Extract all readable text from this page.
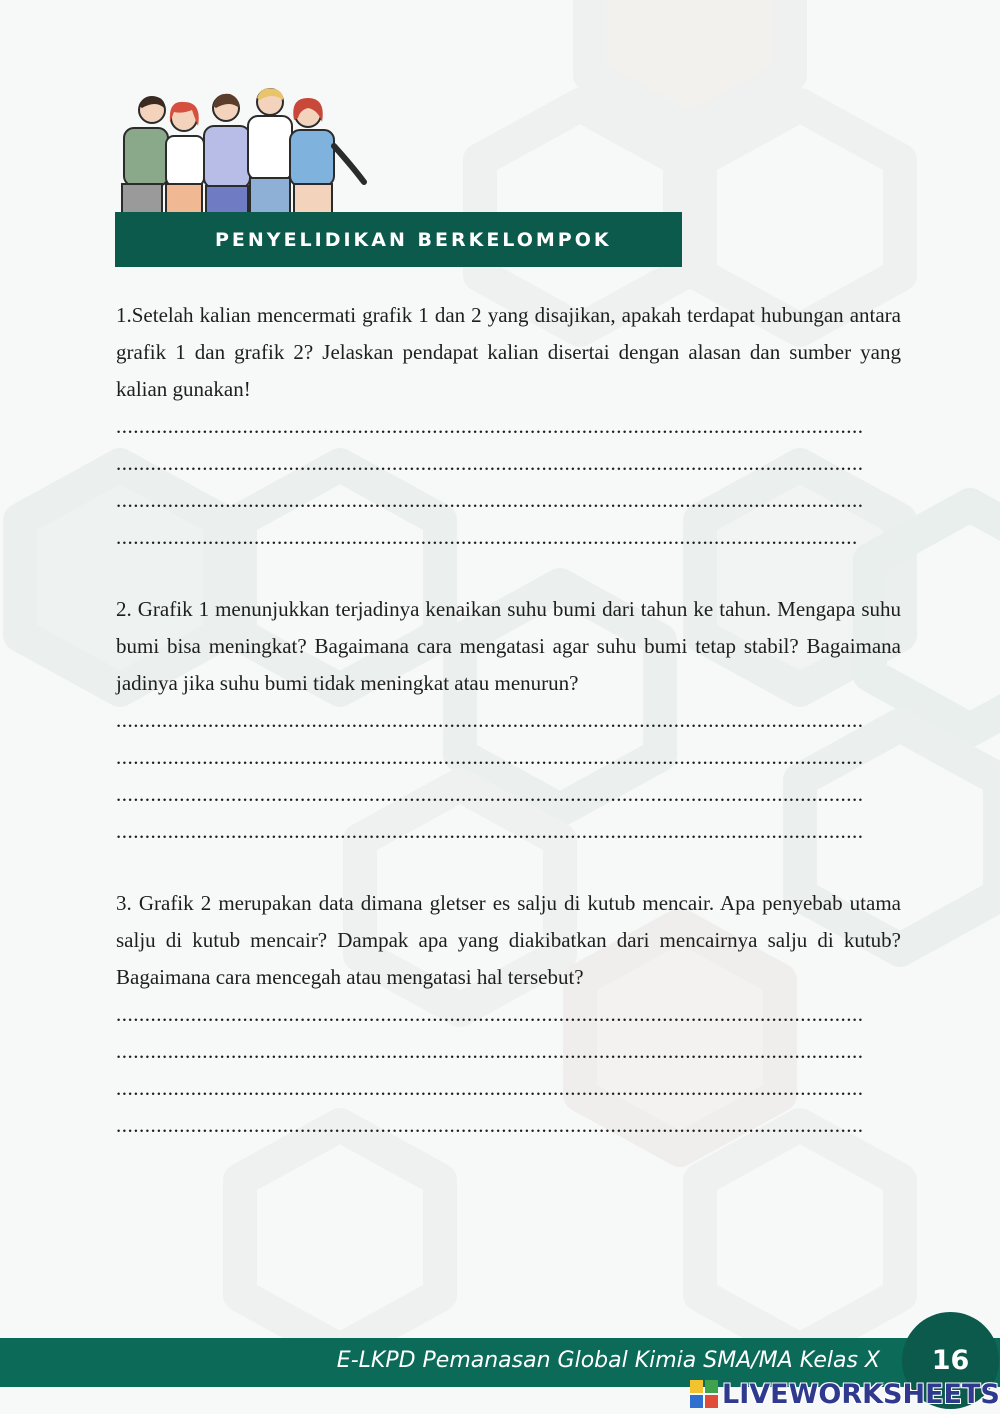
PENYELIDIKAN BERKELOMPOK

1.Setelah kalian mencermati grafik 1 dan 2 yang disajikan, apakah terdapat hubungan antara grafik 1 dan grafik 2? Jelaskan pendapat kalian disertai dengan alasan dan sumber yang kalian gunakan!

..................................................................................................................................
..................................................................................................................................
..................................................................................................................................
.................................................................................................................................

2. Grafik 1 menunjukkan terjadinya kenaikan suhu bumi dari tahun ke tahun. Mengapa suhu bumi bisa meningkat? Bagaimana cara mengatasi agar suhu bumi tetap stabil? Bagaimana jadinya jika suhu bumi tidak meningkat atau menurun?

..................................................................................................................................
..................................................................................................................................
..................................................................................................................................
..................................................................................................................................

3. Grafik 2 merupakan data dimana gletser es salju di kutub mencair. Apa penyebab utama salju di kutub mencair? Dampak apa yang diakibatkan dari mencairnya salju di kutub? Bagaimana cara mencegah atau mengatasi hal tersebut?

..................................................................................................................................
..................................................................................................................................
..................................................................................................................................
..................................................................................................................................
E-LKPD Pemanasan Global Kimia SMA/MA Kelas X 16
LIVEWORKSHEETS
